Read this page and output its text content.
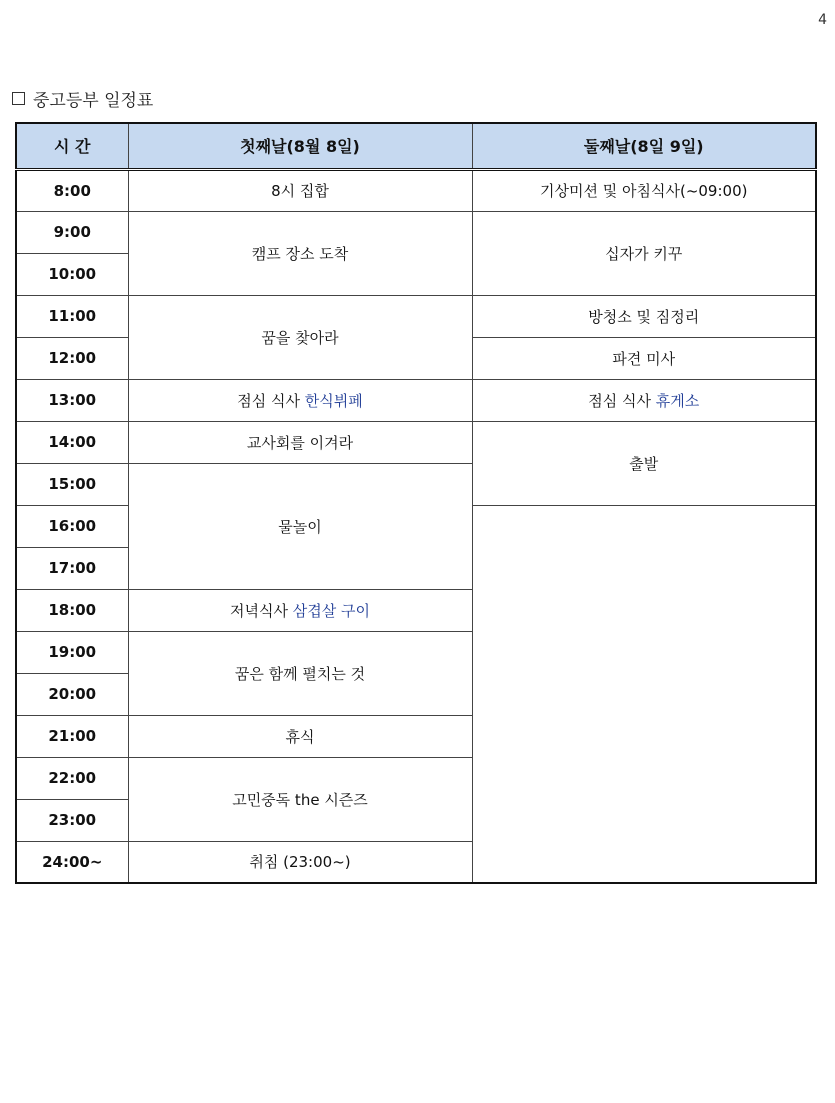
4
중고등부 일정표
시 간	첫째날(8월 8일)	둘째날(8일 9일)
8:00	8시 집합	기상미션 및 아침식사(~09:00)
9:00	캠프 장소 도착	십자가 키꾸
10:00		
11:00	꿈을 찾아라	방청소 및 짐정리
12:00		파견 미사
13:00	점심 식사 한식뷔페	점심 식사 휴게소
14:00	교사회를 이겨라	출발
15:00	물놀이	
16:00		
17:00		
18:00	저녁식사 삼겹살 구이	
19:00	꿈은 함께 펼치는 것	
20:00		
21:00	휴식	
22:00	고민중독 the 시즌즈	
23:00		
24:00~	취침 (23:00~)	
